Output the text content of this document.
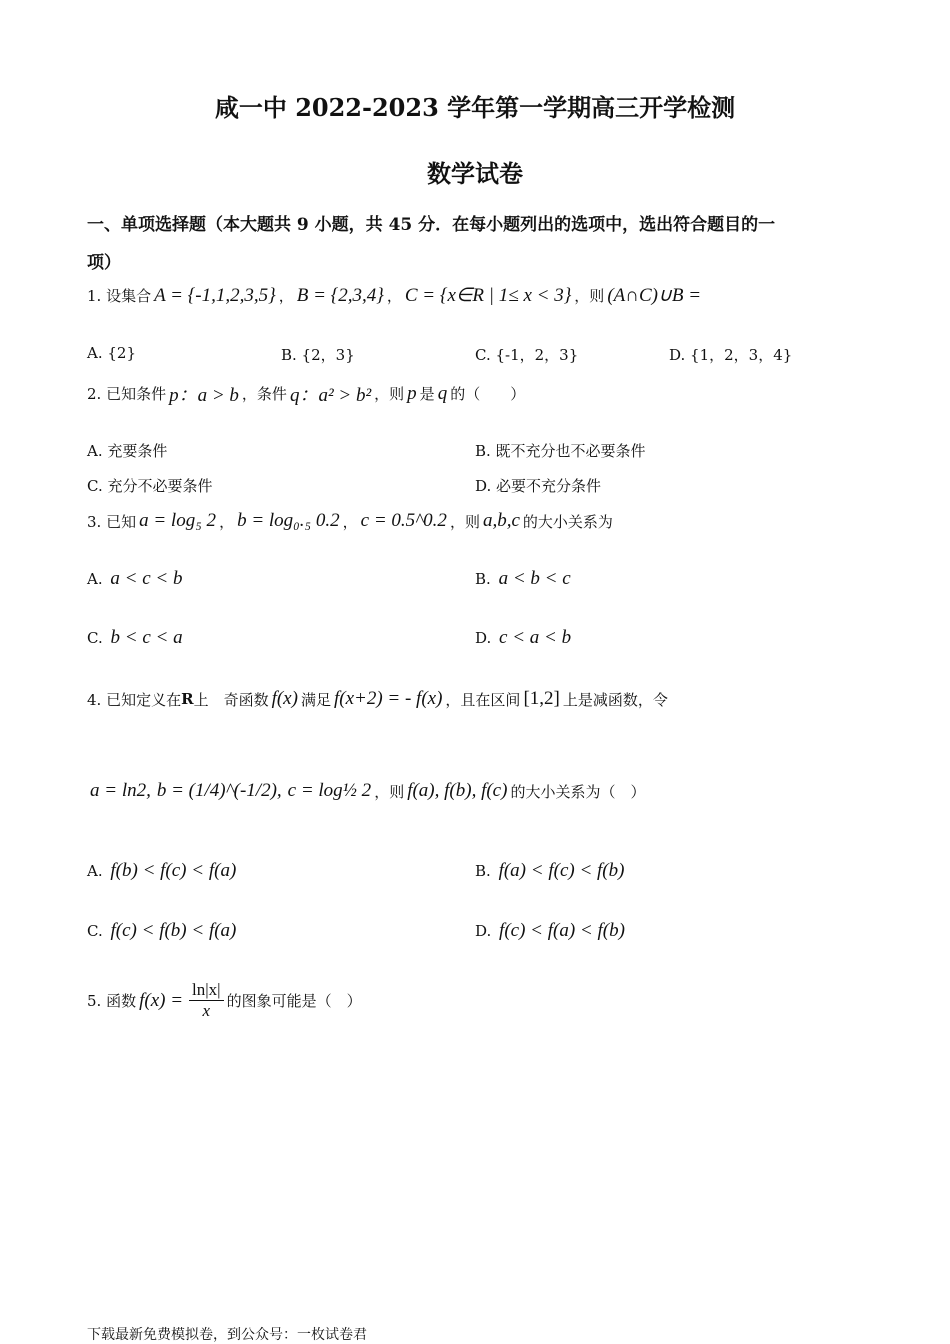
咸一中 2022-2023 学年第一学期高三开学检测
数学试卷
一、单项选择题（本大题共 9 小题，共 45 分．在每小题列出的选项中，选出符合题目的一
项）
1. 设集合 A = {-1,1,2,3,5} ， B = {2,3,4} ， C = {x∈R | 1≤ x < 3} ，则 (A∩C)∪B =
A. {2}	B. {2，3}	C. {-1，2，3}	D. {1，2，3，4}
2. 已知条件 p：a > b ，条件 q：a² > b² ，则 p 是 q 的（　　）
A. 充要条件	B. 既不充分也不必要条件
C. 充分不必要条件	D. 必要不充分条件
3. 已知 a = log₅ 2 ， b = log₀.₅ 0.2 ， c = 0.5^0.2 ，则 a,b,c 的大小关系为
A. a < c < b	B. a < b < c
C. b < c < a	D. c < a < b
4. 已知定义在 R 上　奇函数 f(x) 满足 f(x+2) = - f(x) ，且在区间 [1,2] 上是减函数，令
a = ln2, b = (1/4)^(-1/2), c = log½ 2 ，则 f(a), f(b), f(c) 的大小关系为（　）
A. f(b) < f(c) < f(a)	B. f(a) < f(c) < f(b)
C. f(c) < f(b) < f(a)	D. f(c) < f(a) < f(b)
5. 函数 $f(x) = \frac{\ln|x|}{x}$ 的图象可能是（　）
下载最新免费模拟卷，到公众号：一枚试卷君
